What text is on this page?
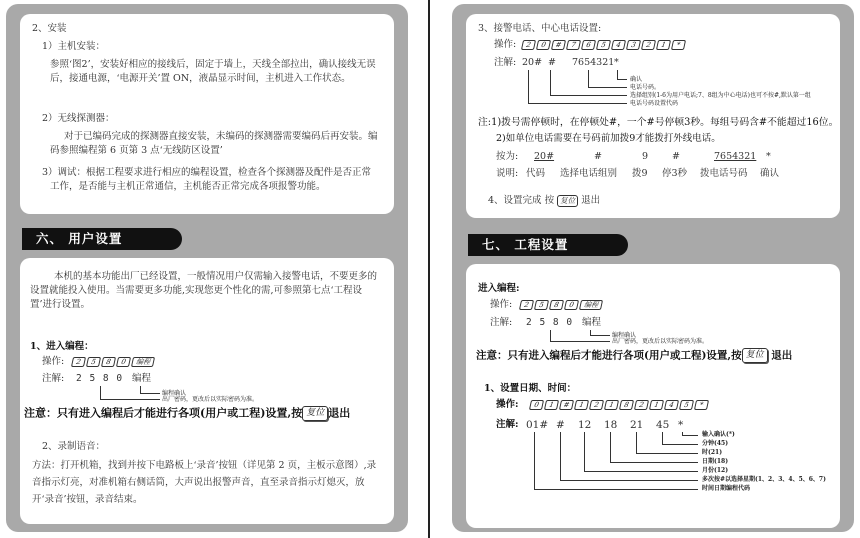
2、安装
1）主机安装：
参照‘图2’，安装好相应的接线后，固定于墙上，天线全部拉出，确认接线无误后，接通电源，‘电源开关’置 ON，液晶显示时间，主机进入工作状态。
2）无线探测器：
对于已编码完成的探测器直接安装，未编码的探测器需要编码后再安装。编码参照编程第 6 页第 3 点‘无线防区设置’
3）调试： 根据工程要求进行相应的编程设置，检查各个探测器及配件是否正常工作，是否能与主机正常通信，主机能否正常完成各项报警功能。
六、 用户设置
本机的基本功能出厂已经设置，一般情况用户仅需输入接警电话，不要更多的设置就能投入使用。当需要更多功能,实现您更个性化的需,可参照第七点‘工程设置’进行设置。
1、进入编程：
操作:	2	5	8	0	编程
注解: 2 5 8 0 编程
编程确认
出厂密码，更改后以实际密码为准。
注意：只有进入编程后才能进行各项(用户或工程)设置,按 复位 退出
2、录制语音：
方法：打开机箱，找到并按下电路板上‘录音’按钮（详见第 2 页，主板示意图）,录音指示灯亮，对准机箱右侧话筒，大声说出报警声音，直至录音指示灯熄灭，放开‘录音’按钮，录音结束。
3、接警电话、中心电话设置:
操作:	2	0	#	7	6	5	4	3	2	1	*
注解: 20# # 7654321 *
确认
电话号码。
选择组别(1-6为用户电话;7、8组为中心电话)也可不按#,默认第一组
电话号码设置代码
注:1)拨号需停顿时，在停顿处#，一个#号停顿3秒。每组号码含#不能超过16位。
2)如单位电话需要在号码前加拨9才能拨打外线电话。
按为: 20#	#	9	#	7654321 *
说明: 代码 选择电话组别 拨9 停3秒 拨电话号码 确认
4、设置完成 按 复位 退出
七、 工程设置
进入编程:
操作:	2	5	8	0	编程
注解: 2 5 8 0 编程
编程确认
出厂密码，更改后以实际密码为准。
注意：只有进入编程后才能进行各项(用户或工程)设置,按 复位 退出
1、设置日期、时间：
操作:	0	1	#	1	2	1	8	2	1	4	5	*
注解: 01# # 12 18 21 45 *
输入确认(*)
分钟(45)
时(21)
日期(18)
月份(12)
多次按#以选择星期(1、2、3、4、5、6、7)
时间日期编程代码
